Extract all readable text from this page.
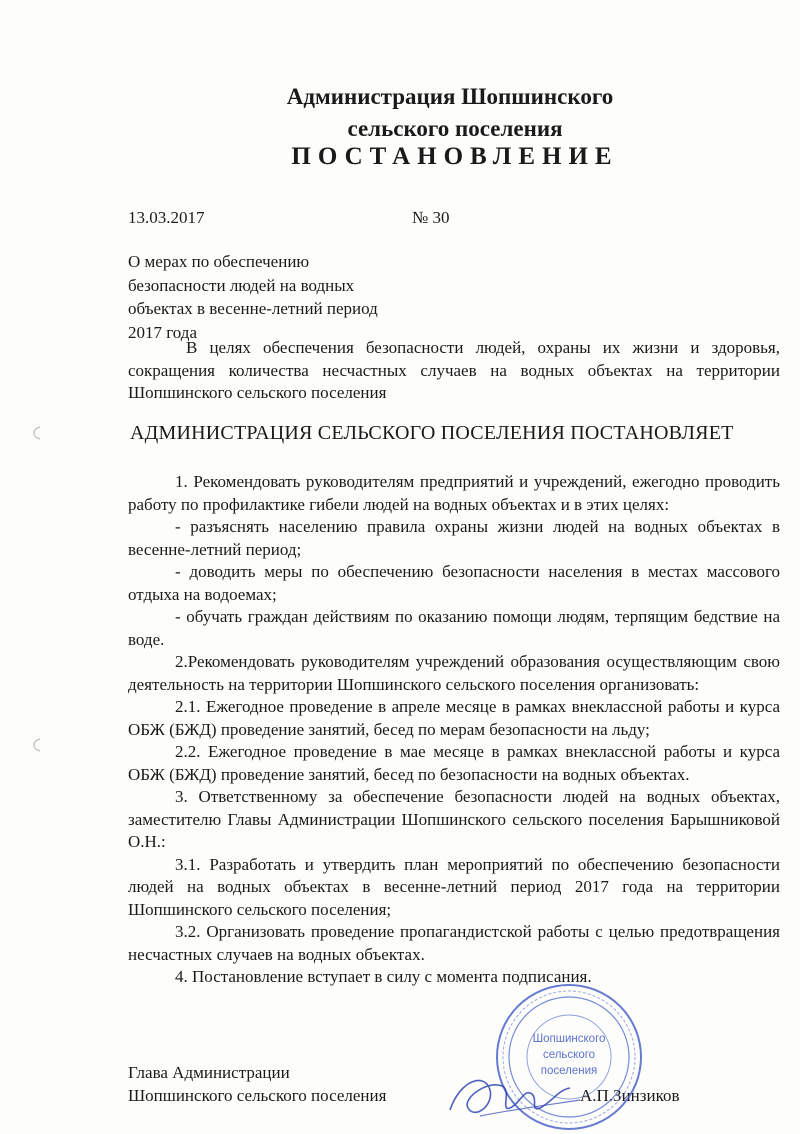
Администрация Шопшинского
сельского поселения
ПОСТАНОВЛЕНИЕ
13.03.2017	№ 30
О мерах по обеспечению
безопасности людей на водных
объектах в весенне-летний период
2017 года

В целях обеспечения безопасности людей, охраны их жизни и здоровья, сокращения количества несчастных случаев на водных объектах на территории Шопшинского сельского поселения

АДМИНИСТРАЦИЯ СЕЛЬСКОГО ПОСЕЛЕНИЯ ПОСТАНОВЛЯЕТ

1. Рекомендовать руководителям предприятий и учреждений, ежегодно проводить работу по профилактике гибели людей на водных объектах и в этих целях:

- разъяснять населению правила охраны жизни людей на водных объектах в весенне-летний период;

- доводить меры по обеспечению безопасности населения в местах массового отдыха на водоемах;

- обучать граждан действиям по оказанию помощи людям, терпящим бедствие на воде.

2.Рекомендовать руководителям учреждений образования осуществляющим свою деятельность на территории Шопшинского сельского поселения организовать:

2.1. Ежегодное проведение в апреле месяце в рамках внеклассной работы и курса ОБЖ (БЖД) проведение занятий, бесед по мерам безопасности на льду;

2.2. Ежегодное проведение в мае месяце в рамках внеклассной работы и курса ОБЖ (БЖД) проведение занятий, бесед по безопасности на водных объектах.

3. Ответственному за обеспечение безопасности людей на водных объектах, заместителю Главы Администрации Шопшинского сельского поселения Барышниковой О.Н.:

3.1. Разработать и утвердить план мероприятий по обеспечению безопасности людей на водных объектах в весенне-летний период 2017 года на территории Шопшинского сельского поселения;

3.2. Организовать проведение пропагандистской работы с целью предотвращения несчастных случаев на водных объектах.

4. Постановление вступает в силу с момента подписания.

Глава Администрации
Шопшинского сельского поселения	А.П.Зинзиков
Шопшинского
сельского
поселения
